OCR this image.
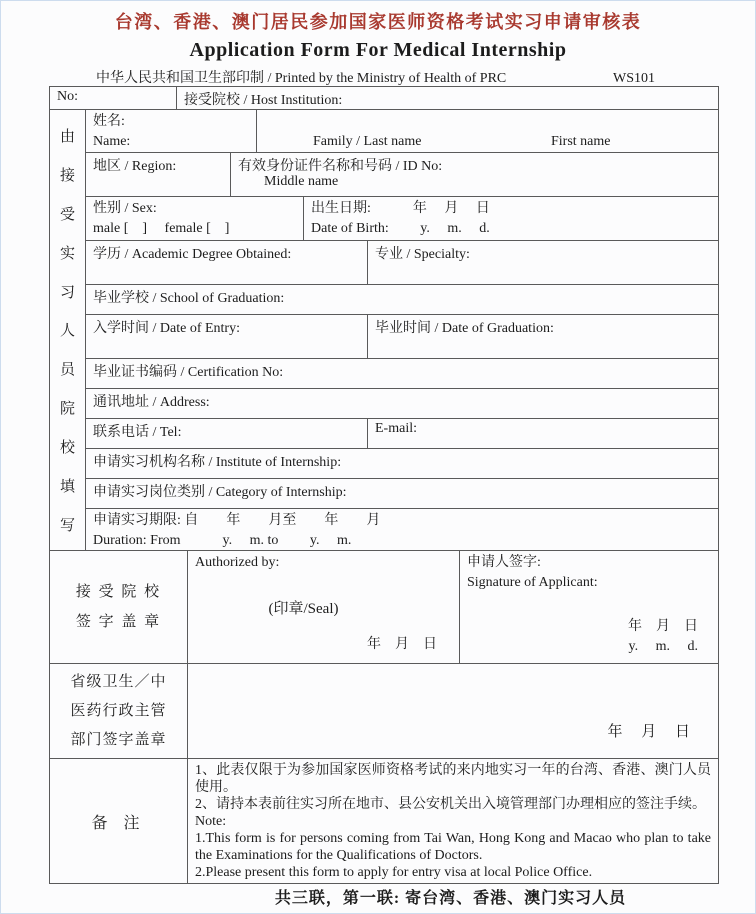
台湾、香港、澳门居民参加国家医师资格考试实习申请审核表
Application Form For Medical Internship
中华人民共和国卫生部印制 / Printed by the Ministry of Health of PRC	WS101
No:	接受院校 / Host Institution:
由
接
受
实
习
人
员
院
校
填
写
姓名:
Name:	Family / Last name	First name

Middle name
地区 / Region:	有效身份证件名称和号码 / ID No:
性别 / Sex:
male [　]　 female [　]
出生日期:　　　年　 月　 日
Date of Birth:　　 y.　 m.　 d.
学历 / Academic Degree Obtained:	专业 / Specialty:
毕业学校 / School of Graduation:
入学时间 / Date of Entry:	毕业时间 / Date of Graduation:
毕业证书编码 / Certification No:
通讯地址 / Address:
联系电话 / Tel:	E-mail:
申请实习机构名称 / Institute of Internship:
申请实习岗位类别 / Category of Internship:
申请实习期限: 自　　年　　月至　　年　　月
Duration: From　　　y.　 m. to　　 y.　 m.
接 受 院 校
签 字 盖 章
Authorized by:
(印章/Seal)
年　月　日
申请人签字:
Signature of Applicant:
年　月　日
y.　 m.　 d.
省级卫生／中
医药行政主管
部门签字盖章	年　 月　 日
备 注
1、此表仅限于为参加国家医师资格考试的来内地实习一年的台湾、香港、澳门人员使用。
2、请持本表前往实习所在地市、县公安机关出入境管理部门办理相应的签注手续。
Note:
1.This form is for persons coming from Tai Wan, Hong Kong and Macao who plan to take the Examinations for the Qualifications of Doctors.
2.Please present this form to apply for entry visa at local Police Office.
共三联，第一联: 寄台湾、香港、澳门实习人员
